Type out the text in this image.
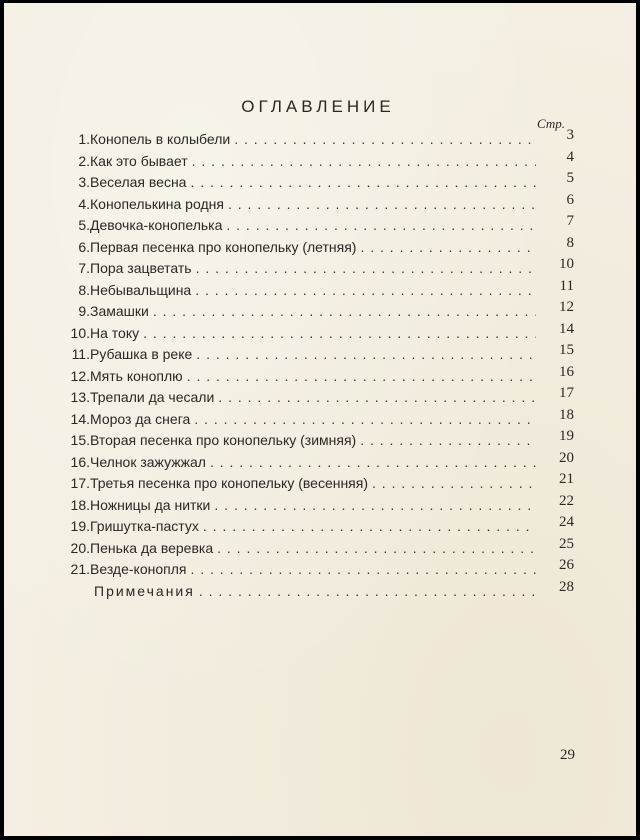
ОГЛАВЛЕНИЕ
Стр.
1. Конопель в колыбели . . .	3
2. Как это бывает . . .	4
3. Веселая весна . . .	5
4. Конопелькина родня . . .	6
5. Девочка-конопелька . . .	7
6. Первая песенка про конопельку (летняя) . . .	8
7. Пора зацветать . . .	10
8. Небывальщина . . .	11
9. Замашки . . .	12
10. На току . . .	14
11. Рубашка в реке . . .	15
12. Мять коноплю . . .	16
13. Трепали да чесали . . .	17
14. Мороз да снега . . .	18
15. Вторая песенка про конопельку (зимняя) . . .	19
16. Челнок зажужжал . . .	20
17. Третья песенка про конопельку (весенняя) . . .	21
18. Ножницы да нитки . . .	22
19. Гришутка-пастух . . .	24
20. Пенька да веревка . . .	25
21. Везде-конопля . . .	26
Примечания . . .	28
29
